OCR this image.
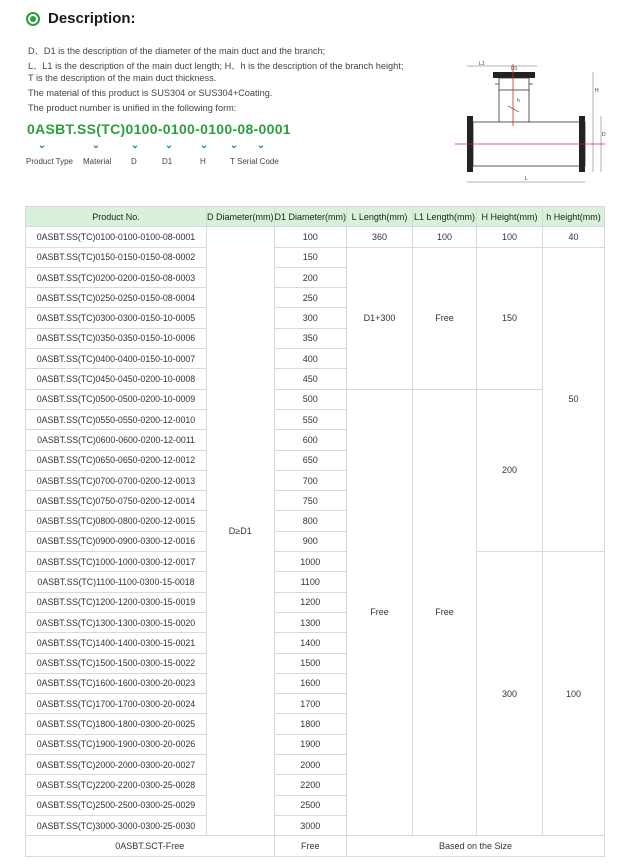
Description:
D、D1 is the description of the diameter of the main duct and the branch;
L、L1 is the description of the main duct length; H、h is the description of the branch height;
T is the description of the main duct thickness.
The material of this product is SUS304 or SUS304+Coating.
The product number is unified in the following form:
0ASBT.SS(TC)0100-0100-0100-08-0001
⌄	⌄	⌄	⌄	⌄ ⌄ ⌄
Product Type Material D	D1	H	T Serial Code
L1
D1
h
H
D
L
Product No.	D Diameter(mm)	D1 Diameter(mm)	L Length(mm)	L1 Length(mm)	H Height(mm)	h Height(mm)
0ASBT.SS(TC)0100-0100-0100-08-0001	D≥D1	100	360	100	100	40
0ASBT.SS(TC)0150-0150-0150-08-0002		150	D1+300	Free	150	50
0ASBT.SS(TC)0200-0200-0150-08-0003		200				
0ASBT.SS(TC)0250-0250-0150-08-0004		250				
0ASBT.SS(TC)0300-0300-0150-10-0005		300				
0ASBT.SS(TC)0350-0350-0150-10-0006		350				
0ASBT.SS(TC)0400-0400-0150-10-0007		400				
0ASBT.SS(TC)0450-0450-0200-10-0008		450				
0ASBT.SS(TC)0500-0500-0200-10-0009		500	Free	Free	200	
0ASBT.SS(TC)0550-0550-0200-12-0010		550				
0ASBT.SS(TC)0600-0600-0200-12-0011		600				
0ASBT.SS(TC)0650-0650-0200-12-0012		650				
0ASBT.SS(TC)0700-0700-0200-12-0013		700				
0ASBT.SS(TC)0750-0750-0200-12-0014		750				
0ASBT.SS(TC)0800-0800-0200-12-0015		800				
0ASBT.SS(TC)0900-0900-0300-12-0016		900				
0ASBT.SS(TC)1000-1000-0300-12-0017		1000			300	100
0ASBT.SS(TC)1100-1100-0300-15-0018		1100				
0ASBT.SS(TC)1200-1200-0300-15-0019		1200				
0ASBT.SS(TC)1300-1300-0300-15-0020		1300				
0ASBT.SS(TC)1400-1400-0300-15-0021		1400				
0ASBT.SS(TC)1500-1500-0300-15-0022		1500				
0ASBT.SS(TC)1600-1600-0300-20-0023		1600				
0ASBT.SS(TC)1700-1700-0300-20-0024		1700				
0ASBT.SS(TC)1800-1800-0300-20-0025		1800				
0ASBT.SS(TC)1900-1900-0300-20-0026		1900				
0ASBT.SS(TC)2000-2000-0300-20-0027		2000				
0ASBT.SS(TC)2200-2200-0300-25-0028		2200				
0ASBT.SS(TC)2500-2500-0300-25-0029		2500				
0ASBT.SS(TC)3000-3000-0300-25-0030		3000				
0ASBT.SCT-Free		Free	Based on the Size			
